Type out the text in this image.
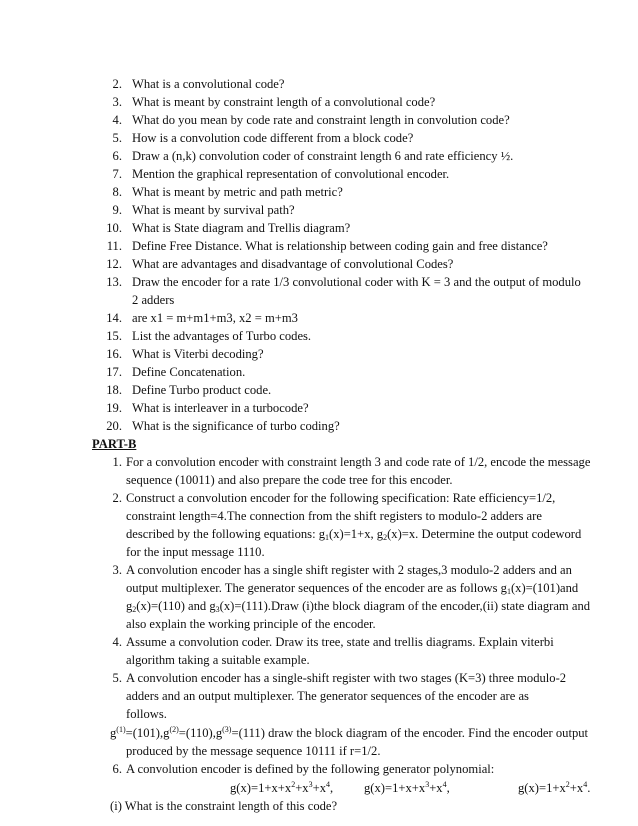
2. What is a convolutional code?
3. What is meant by constraint length of a convolutional code?
4. What do you mean by code rate and constraint length in convolution code?
5. How is a convolution code different from a block code?
6. Draw a (n,k) convolution coder of constraint length 6 and rate efficiency ½.
7. Mention the graphical representation of convolutional encoder.
8. What is meant by metric and path metric?
9. What is meant by survival path?
10. What is State diagram and Trellis diagram?
11. Define Free Distance. What is relationship between coding gain and free distance?
12. What are advantages and disadvantage of convolutional Codes?
13. Draw the encoder for a rate 1/3 convolutional coder with K = 3 and the output of modulo
2 adders
14. are x1 = m+m1+m3, x2 = m+m3
15. List the advantages of Turbo codes.
16. What is Viterbi decoding?
17. Define Concatenation.
18. Define Turbo product code.
19. What is interleaver in a turbocode?
20. What is the significance of turbo coding?
PART-B
1. For a convolution encoder with constraint length 3 and code rate of 1/2, encode the message
sequence (10011) and also prepare the code tree for this encoder.
2. Construct a convolution encoder for the following specification: Rate efficiency=1/2,
constraint length=4.The connection from the shift registers to modulo-2 adders are
described by the following equations: $g_1(x)=1+x$, $g_2(x)=x$. Determine the output codeword
for the input message 1110.
3. A convolution encoder has a single shift register with 2 stages,3 modulo-2 adders and an
output multiplexer. The generator sequences of the encoder are as follows $g_1(x)=(101)and$
$g_2(x)=(110)$ and $g_3(x)=(111).Draw$ (i)the block diagram of the encoder,(ii) state diagram and
also explain the working principle of the encoder.
4. Assume a convolution coder. Draw its tree, state and trellis diagrams. Explain viterbi
algorithm taking a suitable example.
5. A convolution encoder has a single-shift register with two stages (K=3) three modulo-2
adders and an output multiplexer. The generator sequences of the encoder are as
follows.
$g^{(1)}=(101),g^{(2)}=(110),g^{(3)}=(111)$ draw the block diagram of the encoder. Find the encoder output
produced by the message sequence 10111 if r=1/2.
6. A convolution encoder is defined by the following generator polynomial:
$g(x)=1+x+x^2+x^3+x^4$, $g(x)=1+x+x^3+x^4$,	$g(x)=1+x^2+x^4$.
(i) What is the constraint length of this code?
